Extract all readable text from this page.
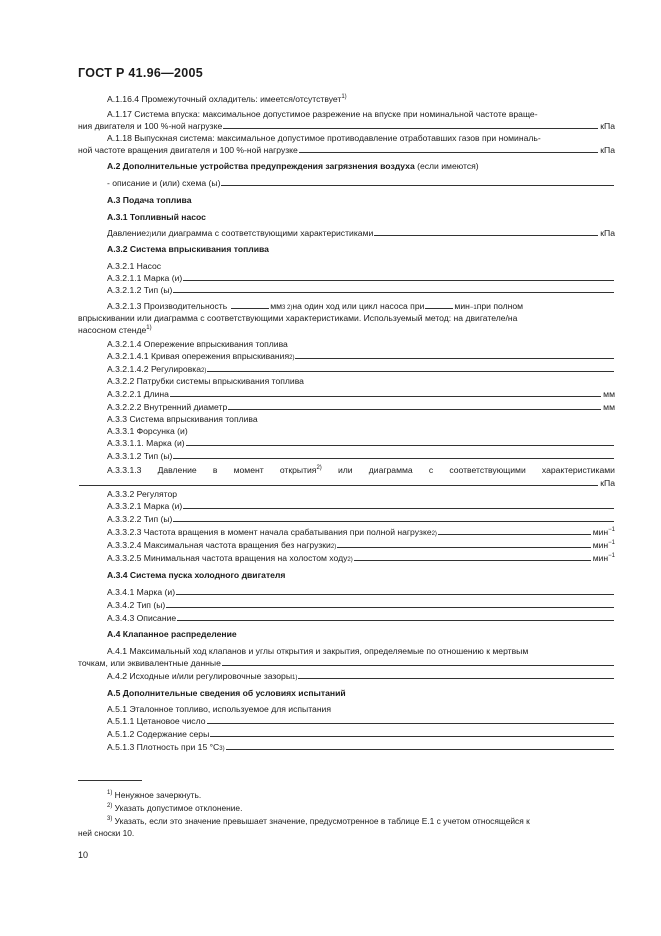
ГОСТ Р 41.96—2005
А.1.16.4 Промежуточный охладитель: имеется/отсутствует$^{1)}$
А.1.17 Система впуска: максимальное допустимое разрежение на впуске при номинальной частоте враще-
ния двигателя и 100 %-ной нагрузке	кПа
А.1.18 Выпускная система: максимальное допустимое противодавление отработавших газов при номиналь-
ной частоте вращения двигателя и 100 %-ной нагрузке	кПа
А.2 Дополнительные устройства предупреждения загрязнения воздуха (если имеются)
- описание и (или) схема (ы)
А.3 Подача топлива
А.3.1 Топливный насос
Давление 2) или диаграмма с соответствующими характеристиками	кПа
А.3.2 Система впрыскивания топлива
А.3.2.1 Насос
А.3.2.1.1 Марка (и)
А.3.2.1.2 Тип (ы)
А.3.2.1.3 Производительность	мм 3 2) на один ход или цикл насоса при	мин −1 при полном
впрыскивании или диаграмма с соответствующими характеристиками. Используемый метод: на двигателе/на
насосном стенде$^{1)}$
А.3.2.1.4 Опережение впрыскивания топлива
А.3.2.1.4.1 Кривая опережения впрыскивания 2)
А.3.2.1.4.2 Регулировка 2)
А.3.2.2 Патрубки системы впрыскивания топлива
А.3.2.2.1 Длина	мм
А.3.2.2.2 Внутренний диаметр	мм
А.3.3 Система впрыскивания топлива
А.3.3.1 Форсунка (и)
А.3.3.1.1. Марка (и)
А.3.3.1.2 Тип (ы)
А.3.3.1.3 Давление в момент открытия$^{2)}$ или диаграмма с соответствующими характеристиками
кПа
А.3.3.2 Регулятор
А.3.3.2.1 Марка (и)
А.3.3.2.2 Тип (ы)
А.3.3.2.3 Частота вращения в момент начала срабатывания при полной нагрузке 2)	мин$^{-1}$
А.3.3.2.4 Максимальная частота вращения без нагрузки 2)	мин$^{-1}$
А.3.3.2.5 Минимальная частота вращения на холостом ходу 2)	мин$^{-1}$
А.3.4 Система пуска холодного двигателя
А.3.4.1 Марка (и)
А.3.4.2 Тип (ы)
А.3.4.3 Описание
А.4 Клапанное распределение
А.4.1 Максимальный ход клапанов и углы открытия и закрытия, определяемые по отношению к мертвым
точкам, или эквивалентные данные
А.4.2 Исходные и/или регулировочные зазоры 1)
А.5 Дополнительные сведения об условиях испытаний
А.5.1 Эталонное топливо, используемое для испытания
А.5.1.1 Цетановое число
А.5.1.2 Содержание серы
А.5.1.3 Плотность при 15 °С 3)
$^{1)}$ Ненужное зачеркнуть.
$^{2)}$ Указать допустимое отклонение.
$^{3)}$ Указать, если это значение превышает значение, предусмотренное в таблице Е.1 с учетом относящейся к
ней сноски 10.
10
